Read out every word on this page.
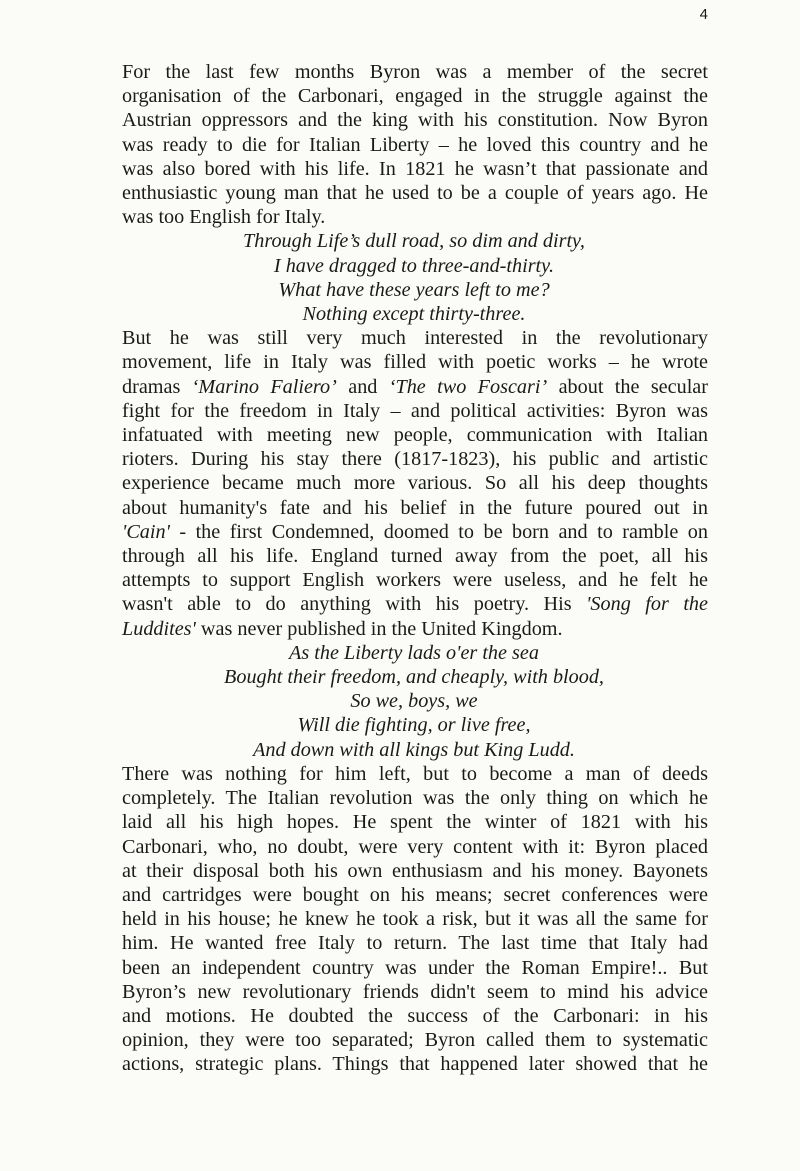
4

For the last few months Byron was a member of the secret
organisation of the Carbonari, engaged in the struggle against the
Austrian oppressors and the king with his constitution. Now Byron
was ready to die for Italian Liberty – he loved this country and he
was also bored with his life. In 1821 he wasn’t that passionate and
enthusiastic young man that he used to be a couple of years ago. He
was too English for Italy.

Through Life’s dull road, so dim and dirty,
I have dragged to three-and-thirty.
What have these years left to me?
Nothing except thirty-three.

But he was still very much interested in the revolutionary
movement, life in Italy was filled with poetic works – he wrote
dramas ‘Marino Faliero’ and ‘The two Foscari’ about the secular
fight for the freedom in Italy – and political activities: Byron was
infatuated with meeting new people, communication with Italian
rioters. During his stay there (1817-1823), his public and artistic
experience became much more various. So all his deep thoughts
about humanity's fate and his belief in the future poured out in
'Cain' - the first Condemned, doomed to be born and to ramble on
through all his life. England turned away from the poet, all his
attempts to support English workers were useless, and he felt he
wasn't able to do anything with his poetry. His 'Song for the
Luddites' was never published in the United Kingdom.

As the Liberty lads o'er the sea
Bought their freedom, and cheaply, with blood,
So we, boys, we
Will die fighting, or live free,
And down with all kings but King Ludd.

There was nothing for him left, but to become a man of deeds
completely. The Italian revolution was the only thing on which he
laid all his high hopes. He spent the winter of 1821 with his
Carbonari, who, no doubt, were very content with it: Byron placed
at their disposal both his own enthusiasm and his money. Bayonets
and cartridges were bought on his means; secret conferences were
held in his house; he knew he took a risk, but it was all the same for
him. He wanted free Italy to return. The last time that Italy had
been an independent country was under the Roman Empire!.. But
Byron’s new revolutionary friends didn't seem to mind his advice
and motions. He doubted the success of the Carbonari: in his
opinion, they were too separated; Byron called them to systematic
actions, strategic plans. Things that happened later showed that he
